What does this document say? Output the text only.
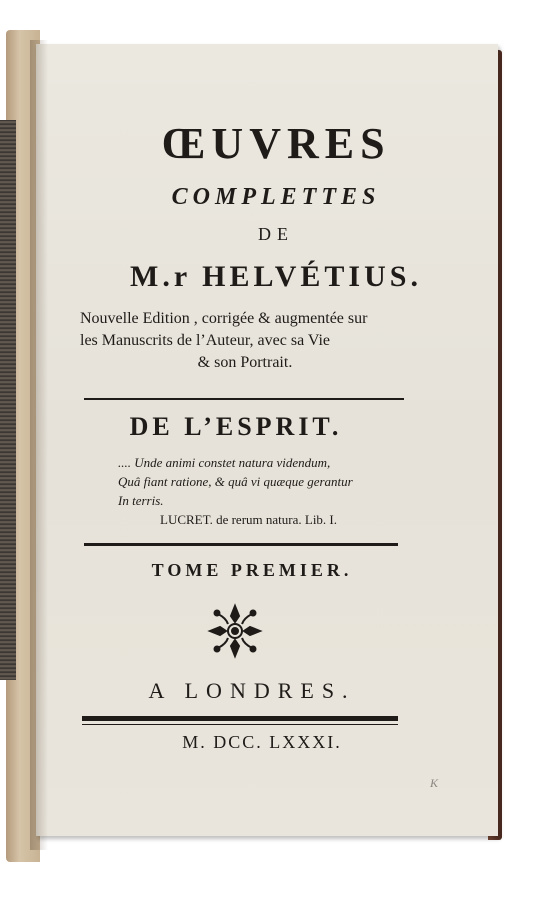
ŒUVRES
COMPLETTES
DE
M.r HELVÉTIUS.
Nouvelle Edition , corrigée & augmentée sur
les Manuscrits de l’Auteur, avec sa Vie
& son Portrait.
DE L’ESPRIT.
.... Unde animi constet natura videndum,
Quâ fiant ratione, & quâ vi quæque gerantur
In terris.
LUCRET. de rerum natura. Lib. I.
TOME PREMIER.
A LONDRES.
M. DCC. LXXXI.
K
